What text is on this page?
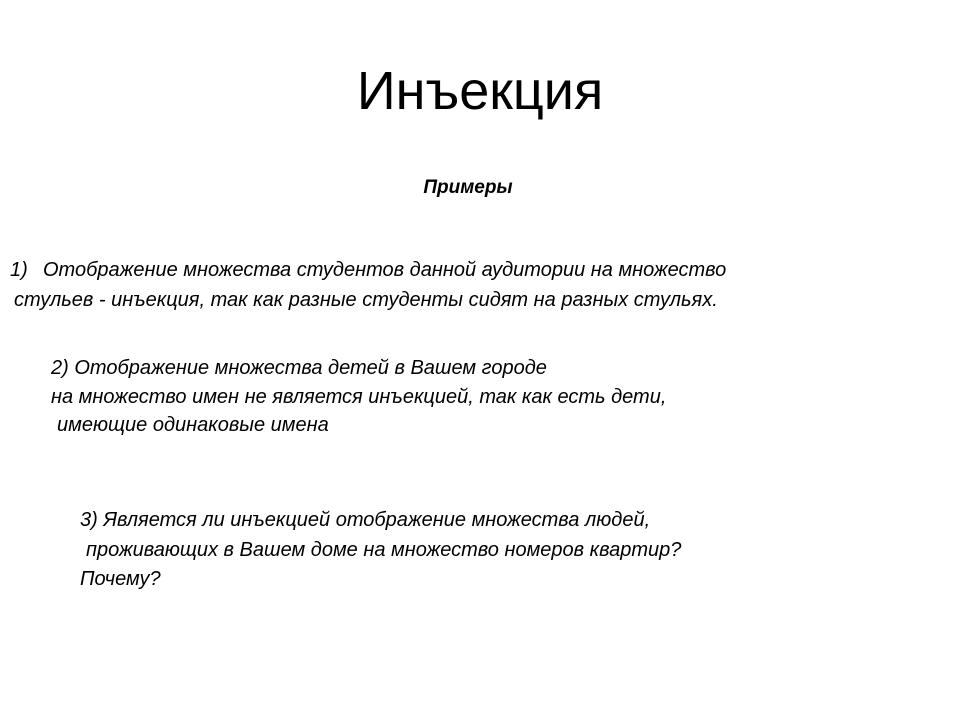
Инъекция

Примеры

1) Отображение множества студентов данной аудитории на множество

стульев - инъекция, так как разные студенты сидят на разных стульях.

2) Отображение множества детей в Вашем городе

на множество имен не является инъекцией, так как есть дети,

имеющие одинаковые имена

3) Является ли инъекцией отображение множества людей,

проживающих в Вашем доме на множество номеров квартир?

Почему?
